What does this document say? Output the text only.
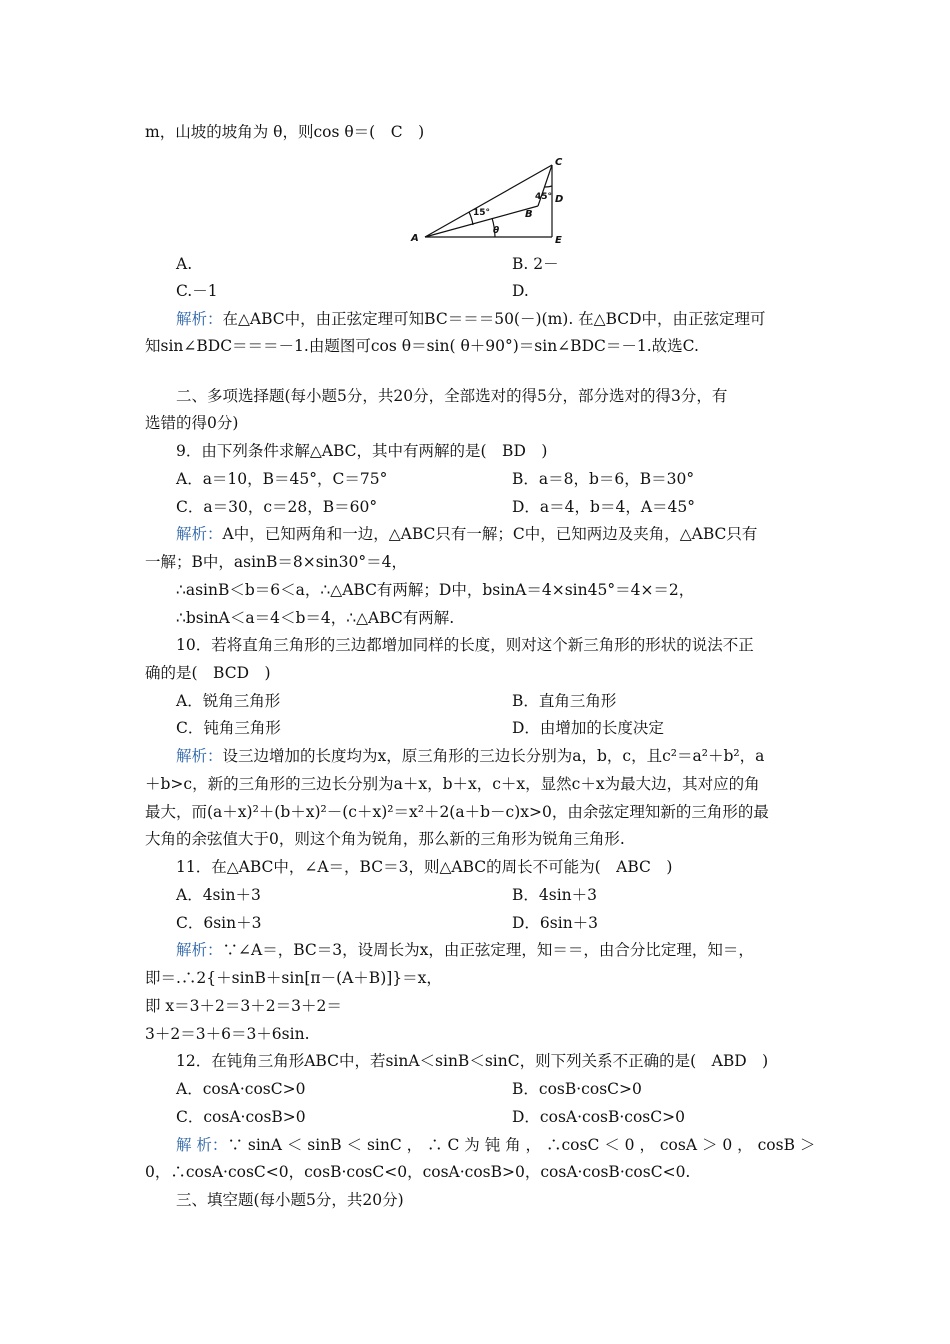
m，山坡的坡角为 θ，则cos θ＝(　C　)
A
C
D
E
B
θ
15°
45°
A.	B. 2－
C.－1	D.
解析：在△ABC中，由正弦定理可知BC＝＝＝50(－)(m). 在△BCD中，由正弦定理可
知sin∠BDC＝＝＝－1.由题图可cos θ＝sin( θ＋90°)＝sin∠BDC＝－1.故选C.
二、多项选择题(每小题5分，共20分，全部选对的得5分，部分选对的得3分，有
选错的得0分)
9．由下列条件求解△ABC，其中有两解的是(　BD　)
A．a＝10，B＝45°，C＝75°	B．a＝8，b＝6，B＝30°
C．a＝30，c＝28，B＝60°	D．a＝4，b＝4，A＝45°
解析：A中，已知两角和一边，△ABC只有一解；C中，已知两边及夹角，△ABC只有
一解；B中，asinB＝8×sin30°＝4，
∴asinB＜b＝6＜a，∴△ABC有两解；D中，bsinA＝4×sin45°＝4×＝2，
∴bsinA＜a＝4＜b＝4，∴△ABC有两解.
10．若将直角三角形的三边都增加同样的长度，则对这个新三角形的形状的说法不正
确的是(　BCD　)
A．锐角三角形	B．直角三角形
C．钝角三角形	D．由增加的长度决定
解析：设三边增加的长度均为x，原三角形的三边长分别为a，b，c，且c²＝a²＋b²，a
＋b>c，新的三角形的三边长分别为a＋x，b＋x，c＋x，显然c＋x为最大边，其对应的角
最大，而(a＋x)²＋(b＋x)²－(c＋x)²＝x²＋2(a＋b－c)x>0，由余弦定理知新的三角形的最
大角的余弦值大于0，则这个角为锐角，那么新的三角形为锐角三角形.
11．在△ABC中，∠A＝，BC＝3，则△ABC的周长不可能为(　ABC　)
A．4sin＋3	B．4sin＋3
C．6sin＋3	D．6sin＋3
解析：∵∠A＝，BC＝3，设周长为x，由正弦定理，知＝＝，由合分比定理，知＝，
即＝.∴2{＋sinB＋sin[π－(A＋B)]}＝x，
即 x＝3＋2＝3＋2＝3＋2＝
3＋2＝3＋6＝3＋6sin.
12．在钝角三角形ABC中，若sinA＜sinB＜sinC，则下列关系不正确的是(　ABD　)
A．cosA·cosC>0	B．cosB·cosC>0
C．cosA·cosB>0	D．cosA·cosB·cosC>0
解 析：∵ sinA ＜ sinB ＜ sinC ， ∴ C 为 钝 角 ， ∴cosC ＜ 0 ， cosA ＞ 0 ， cosB ＞
0，∴cosA·cosC<0，cosB·cosC<0，cosA·cosB>0，cosA·cosB·cosC<0.
三、填空题(每小题5分，共20分)
